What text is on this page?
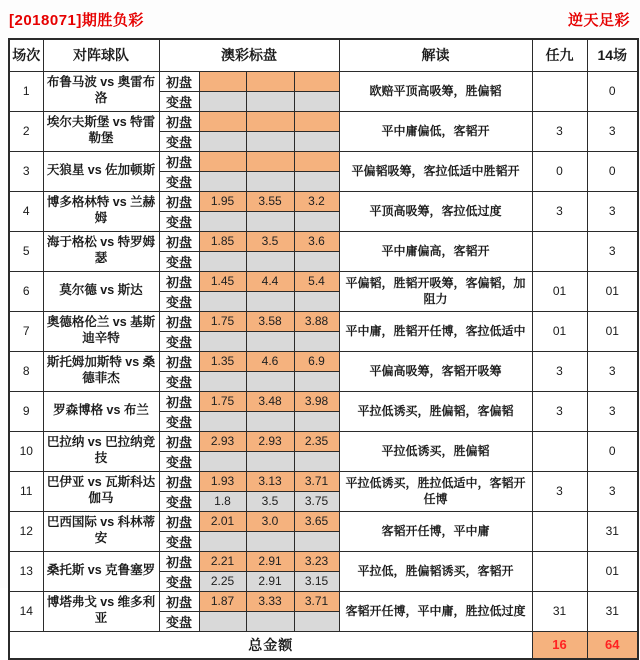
[2018071]期胜负彩	逆天足彩
场次	对阵球队	澳彩标盘				解读	任九	14场
1	布鲁马波 vs 奥雷布洛	初盘				欧赔平顶高吸筹，胜偏韬		0
		变盘						
2	埃尔夫斯堡 vs 特雷勒堡	初盘				平中庸偏低，客韬开	3	3
		变盘						
3	天狼星 vs 佐加顿斯	初盘				平偏韬吸筹，客拉低适中胜韬开	0	0
		变盘						
4	博多格林特 vs 兰赫姆	初盘	1.95	3.55	3.2	平顶高吸筹，客拉低过度	3	3
		变盘						
5	海于格松 vs 特罗姆瑟	初盘	1.85	3.5	3.6	平中庸偏高，客韬开		3
		变盘						
6	莫尔德 vs 斯达	初盘	1.45	4.4	5.4	平偏韬，胜韬开吸筹，客偏韬，加阻力	01	01
		变盘						
7	奥德格伦兰 vs 基斯迪辛特	初盘	1.75	3.58	3.88	平中庸，胜韬开任博，客拉低适中	01	01
		变盘						
8	斯托姆加斯特 vs 桑德菲杰	初盘	1.35	4.6	6.9	平偏高吸筹，客韬开吸筹	3	3
		变盘						
9	罗森博格 vs 布兰	初盘	1.75	3.48	3.98	平拉低诱买，胜偏韬，客偏韬	3	3
		变盘						
10	巴拉纳 vs 巴拉纳竞技	初盘	2.93	2.93	2.35	平拉低诱买，胜偏韬		0
		变盘						
11	巴伊亚 vs 瓦斯科达伽马	初盘	1.93	3.13	3.71	平拉低诱买，胜拉低适中，客韬开任博	3	3
		变盘	1.8	3.5	3.75			
12	巴西国际 vs 科林蒂安	初盘	2.01	3.0	3.65	客韬开任博，平中庸		31
		变盘						
13	桑托斯 vs 克鲁塞罗	初盘	2.21	2.91	3.23	平拉低，胜偏韬诱买，客韬开		01
		变盘	2.25	2.91	3.15			
14	博塔弗戈 vs 维多利亚	初盘	1.87	3.33	3.71	客韬开任博，平中庸，胜拉低过度	31	31
		变盘						
总金额							16	64
